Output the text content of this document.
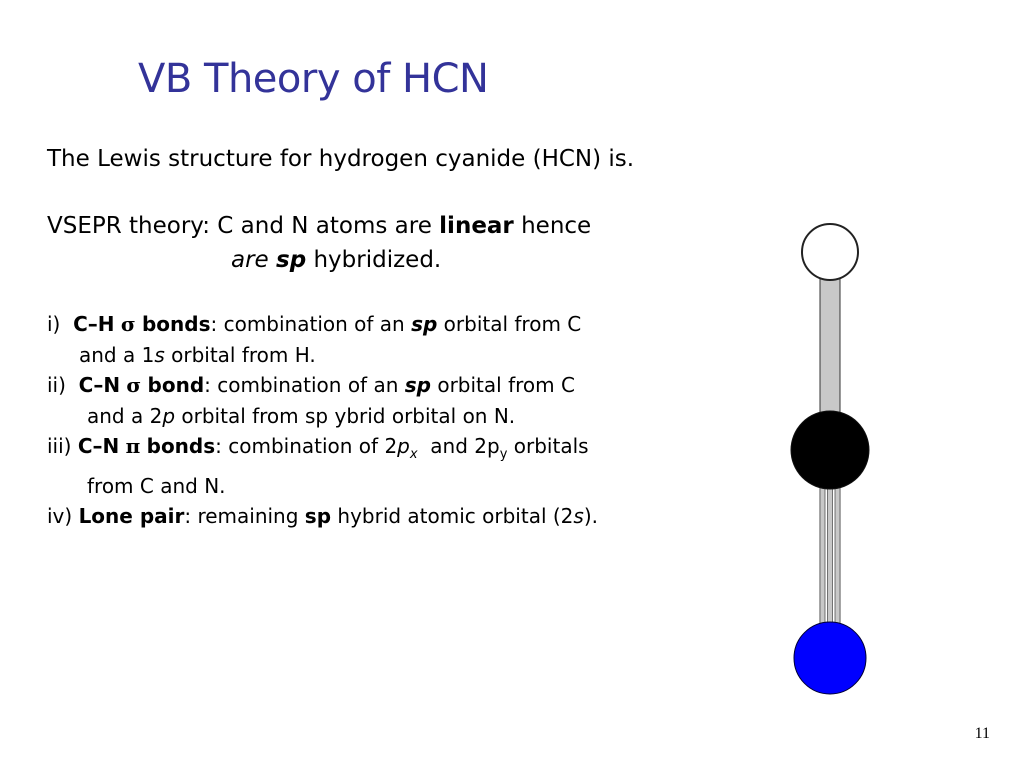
VB Theory of HCN
The Lewis structure for hydrogen cyanide (HCN) is.
VSEPR theory: C and N atoms are linear hence
are sp hybridized.
i) C–H σ bonds: combination of an sp orbital from C
and a 1s orbital from H.
ii) C–N σ bond: combination of an sp orbital from C
and a 2p orbital from sp ybrid orbital on N.
iii) C–N π bonds: combination of $2p_x$  and $2p_y$ orbitals
from C and N.
iv) Lone pair: remaining sp hybrid atomic orbital (2s).
11
